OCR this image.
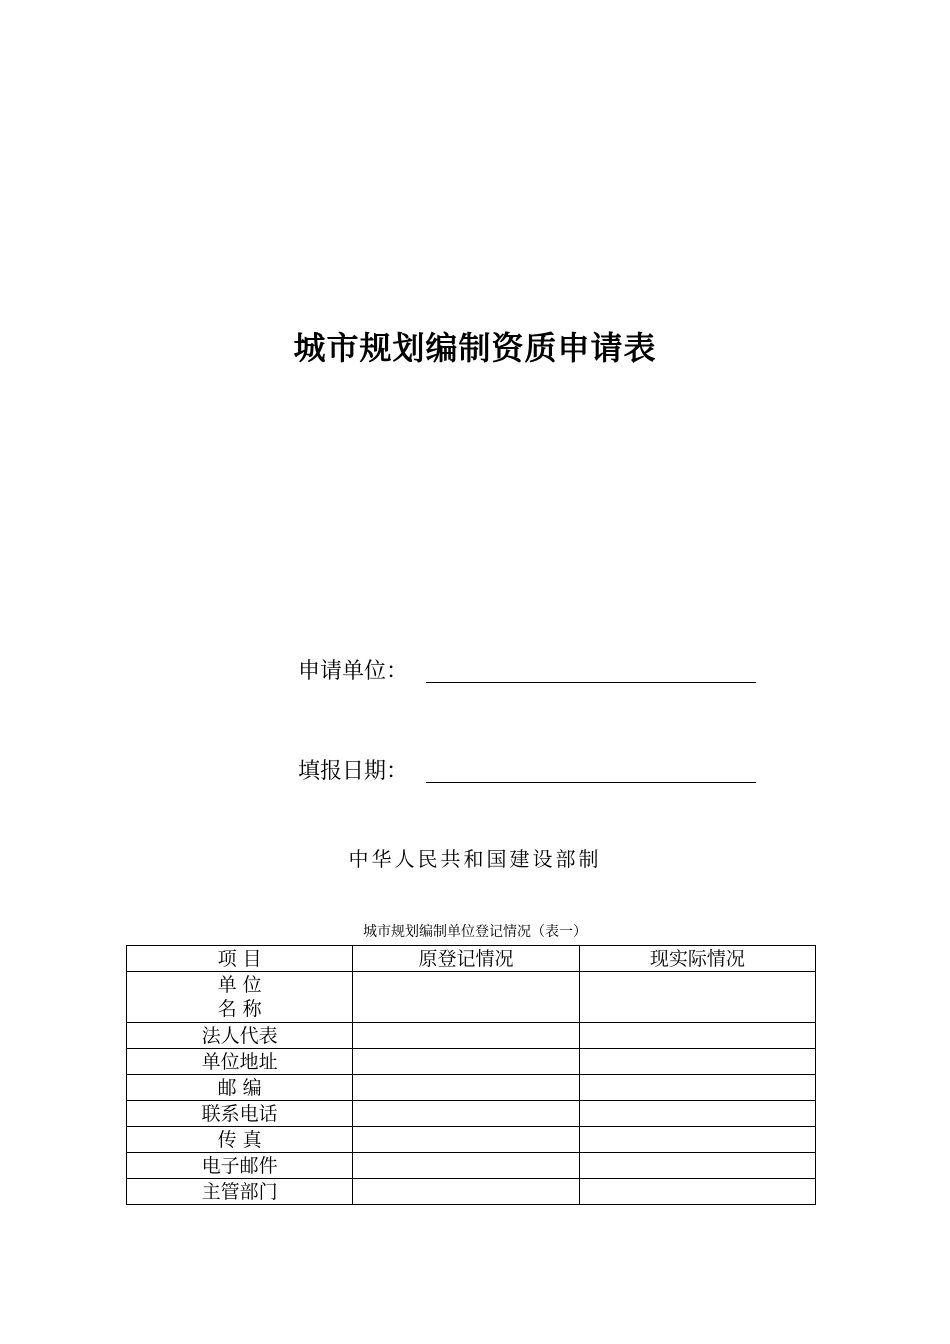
城市规划编制资质申请表
申请单位：
填报日期：
中华人民共和国建设部制
城市规划编制单位登记情况（表一）
项 目	原登记情况	现实际情况

单 位
名 称		

法人代表		
单位地址		
邮 编		
联系电话		
传 真		
电子邮件		
主管部门		
